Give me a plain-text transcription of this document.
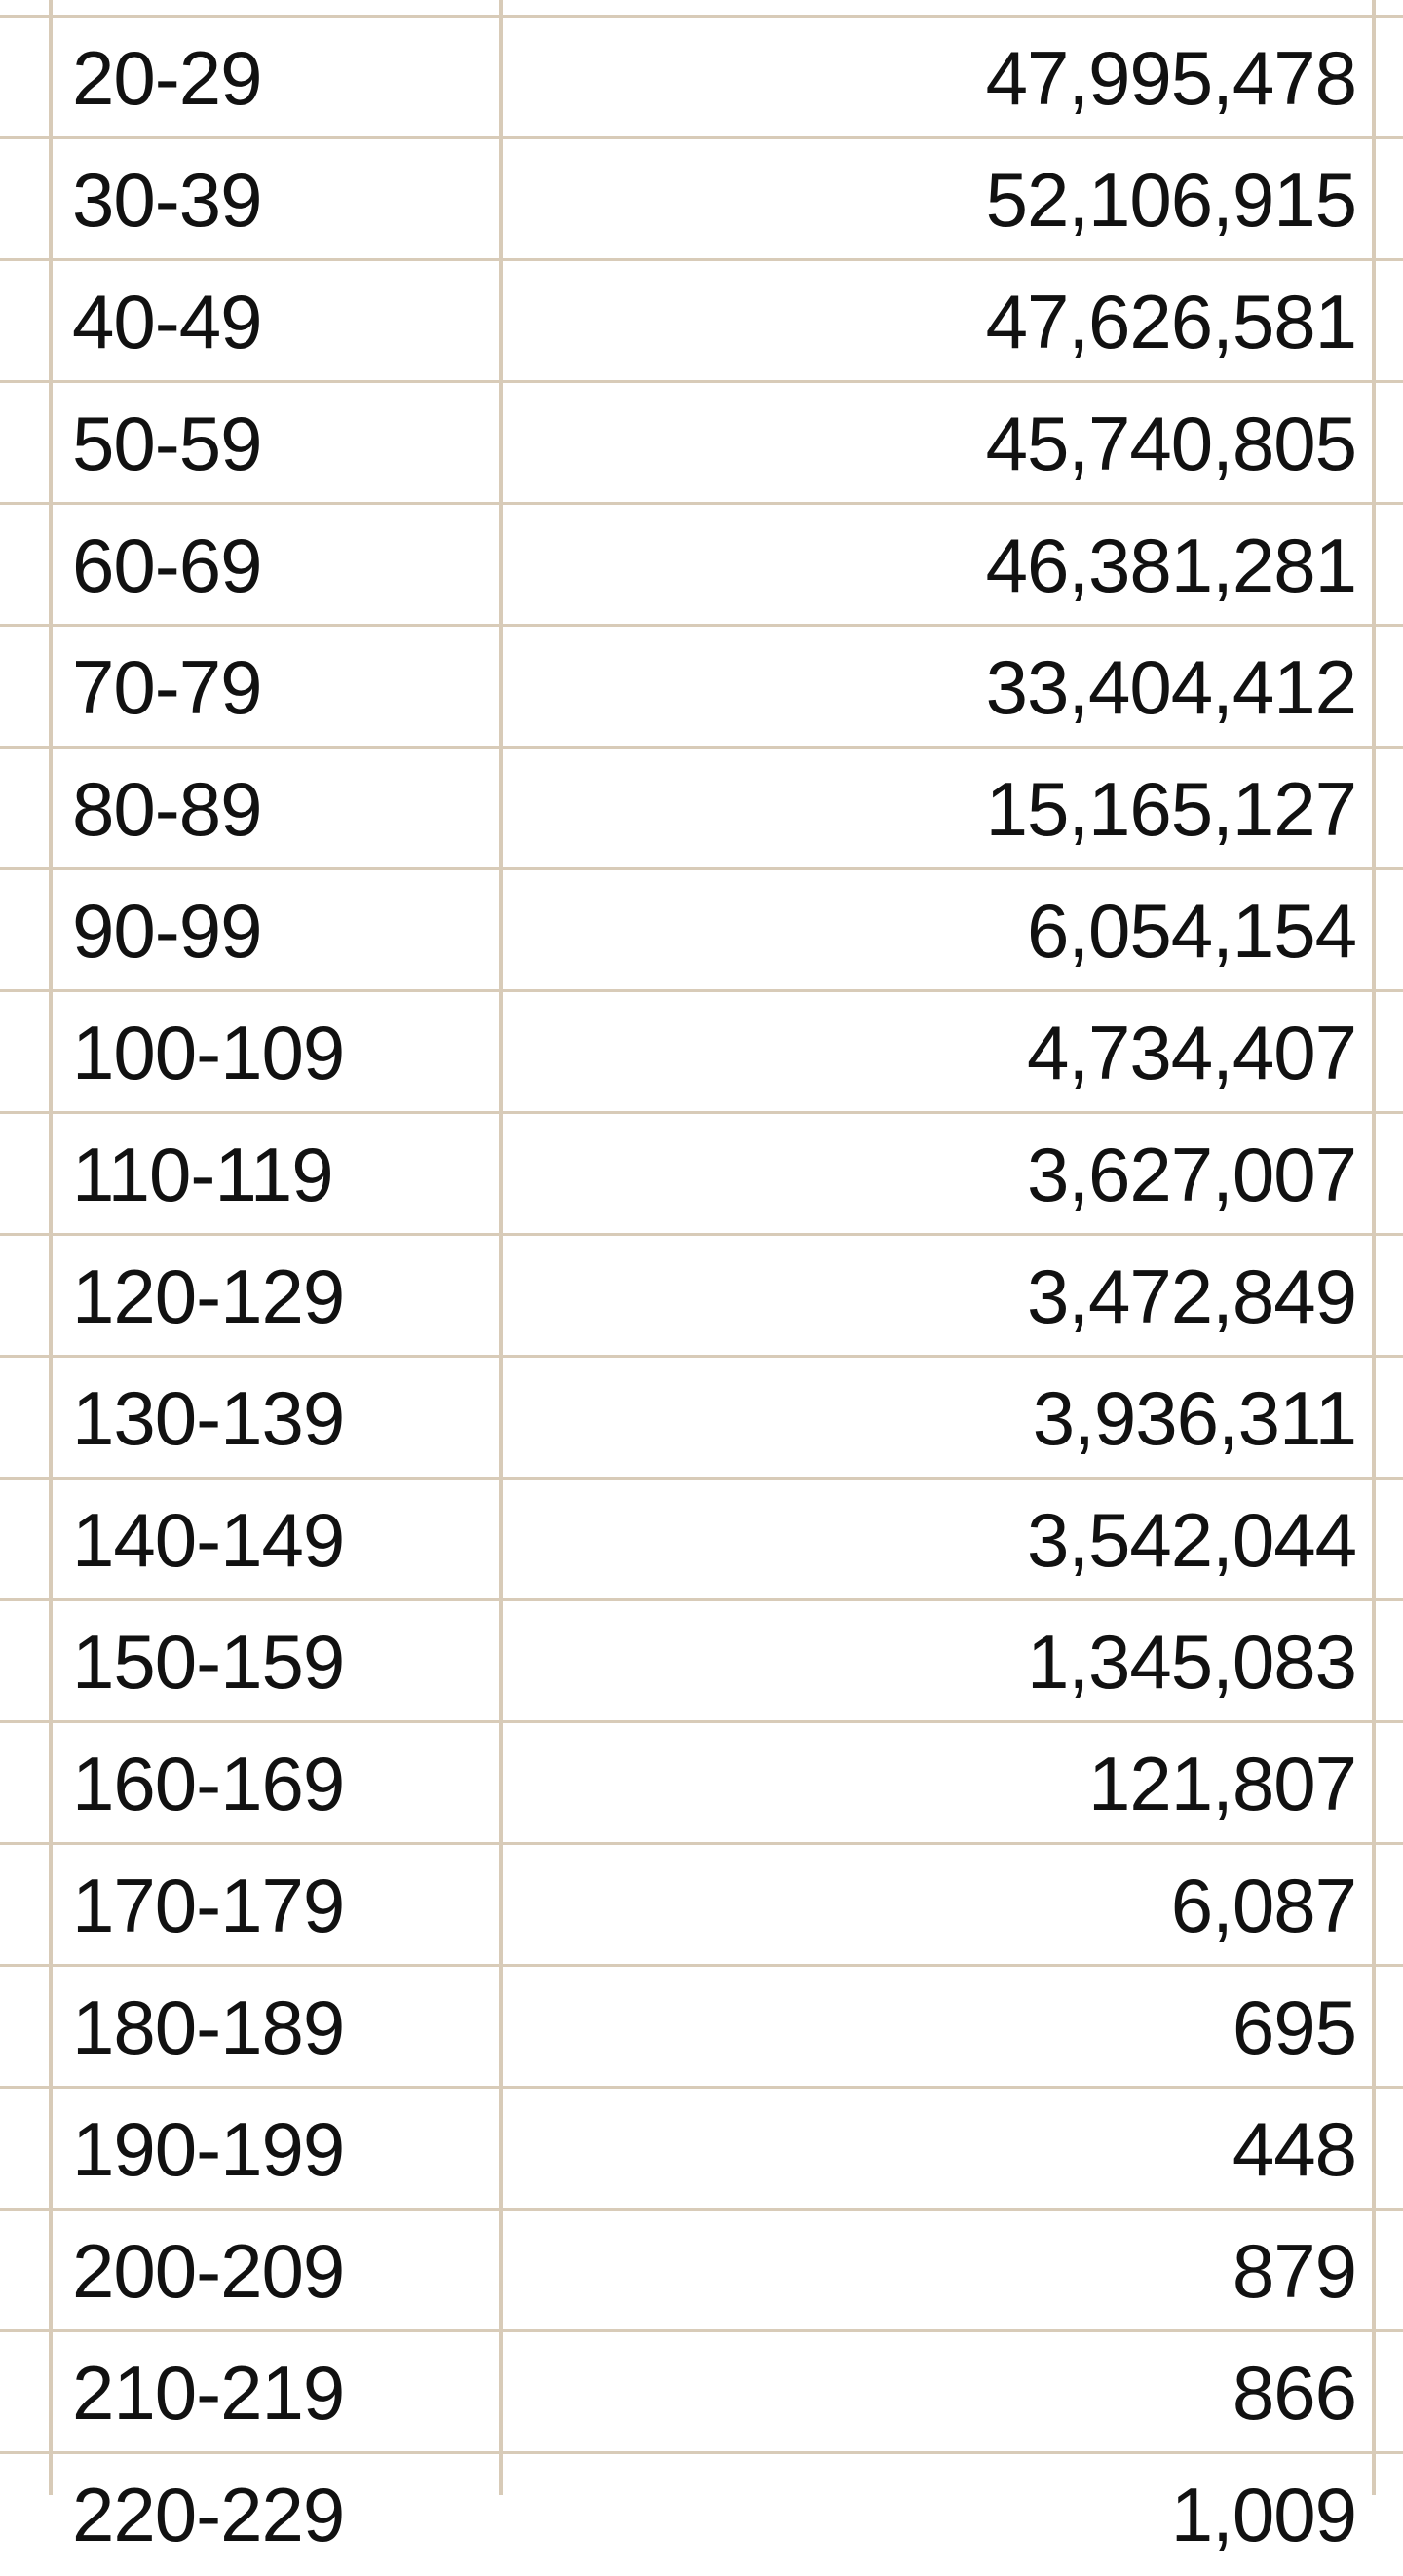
20-29	47,995,478
30-39	52,106,915
40-49	47,626,581
50-59	45,740,805
60-69	46,381,281
70-79	33,404,412
80-89	15,165,127
90-99	6,054,154
100-109	4,734,407
110-119	3,627,007
120-129	3,472,849
130-139	3,936,311
140-149	3,542,044
150-159	1,345,083
160-169	121,807
170-179	6,087
180-189	695
190-199	448
200-209	879
210-219	866
220-229	1,009
